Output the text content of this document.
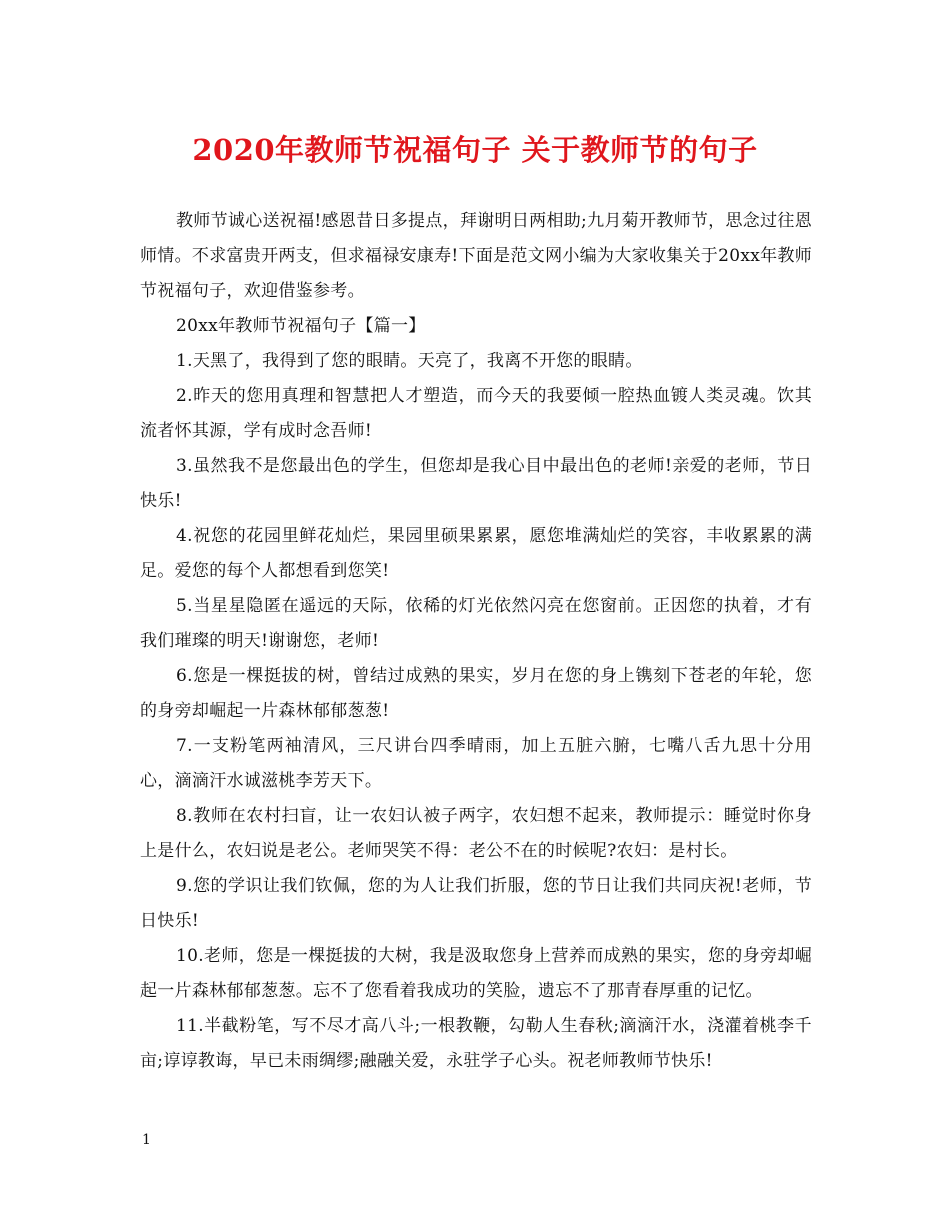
2020年教师节祝福句子 关于教师节的句子

教师节诚心送祝福!感恩昔日多提点，拜谢明日两相助;九月菊开教师节，思念过往恩师情。不求富贵开两支，但求福禄安康寿!下面是范文网小编为大家收集关于20xx年教师节祝福句子，欢迎借鉴参考。

20xx年教师节祝福句子【篇一】

1.天黑了，我得到了您的眼睛。天亮了，我离不开您的眼睛。

2.昨天的您用真理和智慧把人才塑造，而今天的我要倾一腔热血镀人类灵魂。饮其流者怀其源，学有成时念吾师!

3.虽然我不是您最出色的学生，但您却是我心目中最出色的老师!亲爱的老师，节日快乐!

4.祝您的花园里鲜花灿烂，果园里硕果累累，愿您堆满灿烂的笑容，丰收累累的满足。爱您的每个人都想看到您笑!

5.当星星隐匿在遥远的天际，依稀的灯光依然闪亮在您窗前。正因您的执着，才有我们璀璨的明天!谢谢您，老师!

6.您是一棵挺拔的树，曾结过成熟的果实，岁月在您的身上镌刻下苍老的年轮，您的身旁却崛起一片森林郁郁葱葱!

7.一支粉笔两袖清风，三尺讲台四季晴雨，加上五脏六腑，七嘴八舌九思十分用心，滴滴汗水诚滋桃李芳天下。

8.教师在农村扫盲，让一农妇认被子两字，农妇想不起来，教师提示：睡觉时你身上是什么，农妇说是老公。老师哭笑不得：老公不在的时候呢?农妇：是村长。

9.您的学识让我们钦佩，您的为人让我们折服，您的节日让我们共同庆祝!老师，节日快乐!

10.老师，您是一棵挺拔的大树，我是汲取您身上营养而成熟的果实，您的身旁却崛起一片森林郁郁葱葱。忘不了您看着我成功的笑脸，遗忘不了那青春厚重的记忆。

11.半截粉笔，写不尽才高八斗;一根教鞭，勾勒人生春秋;滴滴汗水，浇灌着桃李千亩;谆谆教诲，早已未雨绸缪;融融关爱，永驻学子心头。祝老师教师节快乐!

1
